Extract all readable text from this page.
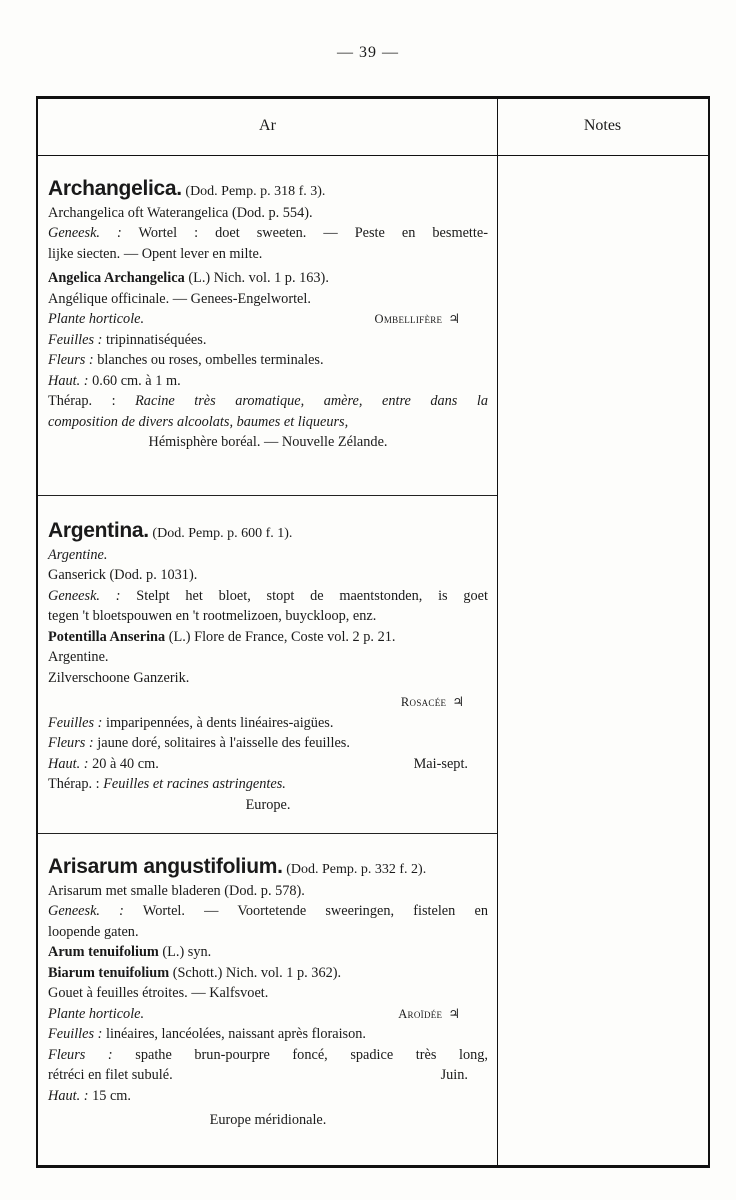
— 39 —
Ar	Notes
Archangelica. (Dod. Pemp. p. 318 f. 3).
Archangelica oft Waterangelica (Dod. p. 554).
Geneesk. : Wortel : doet sweeten. — Peste en besmette-
lijke siecten. — Opent lever en milte.
Angelica Archangelica (L.) Nich. vol. 1 p. 163).
Angélique officinale. — Genees-Engelwortel.
Plante horticole.	Ombellifère ♃
Feuilles : tripinnatiséquées.
Fleurs : blanches ou roses, ombelles terminales.
Haut. : 0.60 cm. à 1 m.
Thérap. : Racine très aromatique, amère, entre dans la
composition de divers alcoolats, baumes et liqueurs,
Hémisphère boréal. — Nouvelle Zélande.
Argentina. (Dod. Pemp. p. 600 f. 1).
Argentine.
Ganserick (Dod. p. 1031).
Geneesk. : Stelpt het bloet, stopt de maentstonden, is goet
tegen 't bloetspouwen en 't rootmelizoen, buyckloop, enz.
Potentilla Anserina (L.) Flore de France, Coste vol. 2 p. 21.
Argentine.
Zilverschoone Ganzerik.
Rosacée ♃
Feuilles : imparipennées, à dents linéaires-aigües.
Fleurs : jaune doré, solitaires à l'aisselle des feuilles.
Haut. : 20 à 40 cm.	Mai-sept.
Thérap. : Feuilles et racines astringentes.
Europe.
Arisarum angustifolium. (Dod. Pemp. p. 332 f. 2).
Arisarum met smalle bladeren (Dod. p. 578).
Geneesk. : Wortel. — Voortetende sweeringen, fistelen en
loopende gaten.
Arum tenuifolium (L.) syn.
Biarum tenuifolium (Schott.) Nich. vol. 1 p. 362).
Gouet à feuilles étroites. — Kalfsvoet.
Plante horticole.	Aroïdée ♃
Feuilles : linéaires, lancéolées, naissant après floraison.
Fleurs : spathe brun-pourpre foncé, spadice très long,
rétréci en filet subulé.	Juin.
Haut. : 15 cm.
Europe méridionale.
